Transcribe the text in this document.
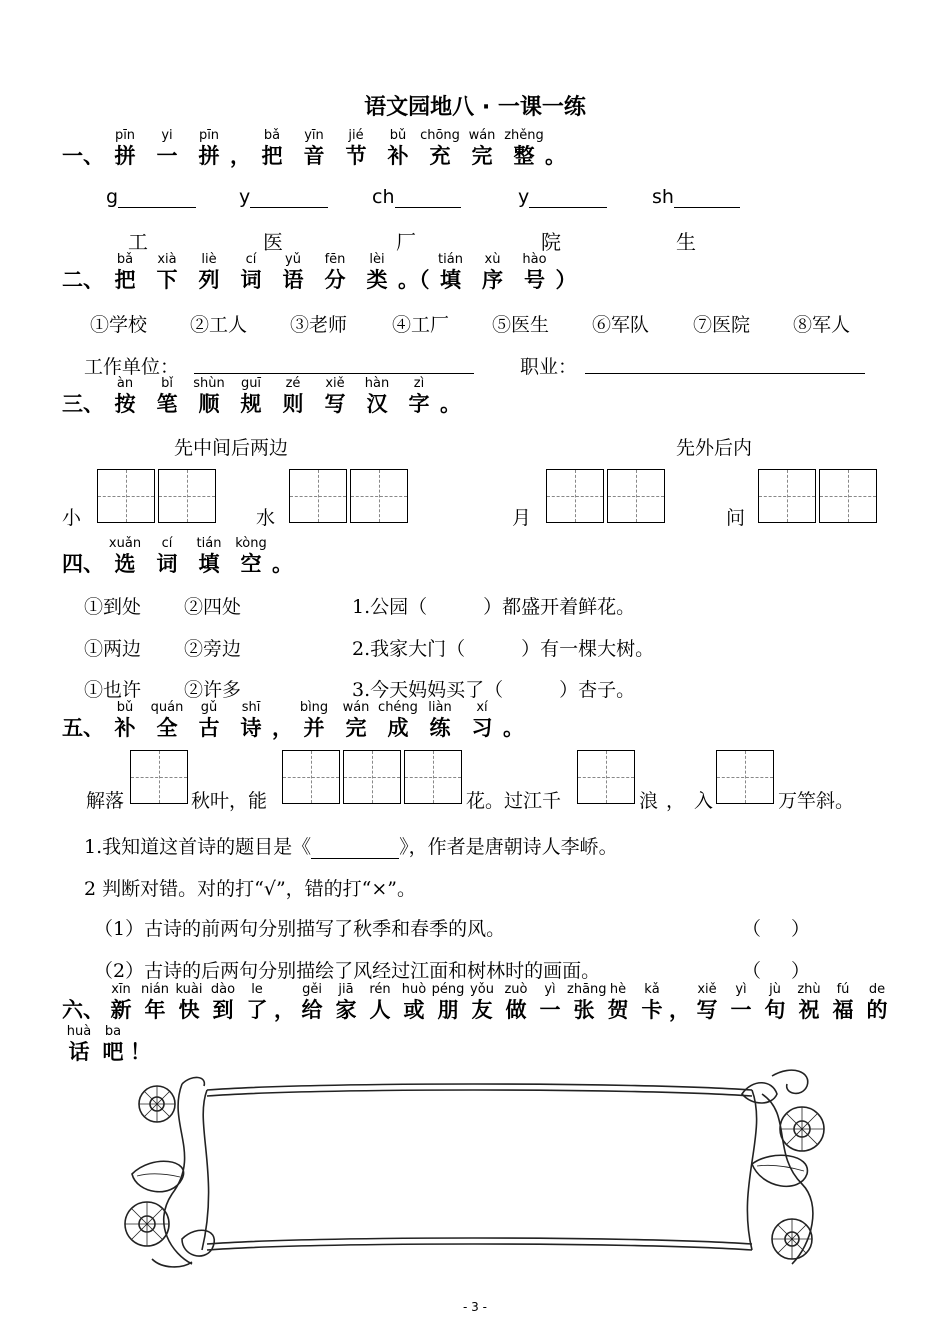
语文园地八 · 一课一练
一、
pīn
拼
yi
一
pīn
拼 ，
bǎ
把
yīn
音
jié
节
bǔ
补
chōng
充
wán
完
zhěng
整 。
g	y	ch	y	sh
工	医	厂	院	生
二、
bǎ
把
xià
下
liè
列
cí
词
yǔ
语
fēn
分
lèi
类 。（
tián
填
xù
序
hào
号 ）
①学校 ②工人 ③老师 ④工厂 ⑤医生 ⑥军队 ⑦医院 ⑧军人
工作单位：	职业：
三、
àn
按
bǐ
笔
shùn
顺
guī
规
zé
则
xiě
写
hàn
汉
zì
字 。
先中间后两边	先外后内
小	水	月	问
四、
xuǎn
选
cí
词
tián
填
kòng
空 。
①到处 ②四处	1.公园（	）都盛开着鲜花。
①两边 ②旁边	2.我家大门（	）有一棵大树。
①也许 ②许多	3.今天妈妈买了（	）杏子。
五、
bǔ
补
quán
全
gǔ
古
shī
诗 ，
bìng
并
wán
完
chéng
成
liàn
练
xí
习 。
解落	秋叶，能	花。过江千	浪 ， 入	万竿斜。
1.我知道这首诗的题目是《	》，作者是唐朝诗人李峤。
2 判断对错。对的打“√”，错的打“×”。
（1）古诗的前两句分别描写了秋季和春季的风。	（ ）
（2）古诗的后两句分别描绘了风经过江面和树林时的画面。	（ ）
六、
xīn
新
nián
年
kuài
快
dào
到
le
了 ，
gěi
给
jiā
家
rén
人
huò
或
péng
朋
yǒu
友
zuò
做
yì
一
zhāng
张
hè
贺
kǎ
卡 ，
xiě
写
yì
一
jù
句
zhù
祝
fú
福
de
的
huà
话
ba
吧 ！
- 3 -
